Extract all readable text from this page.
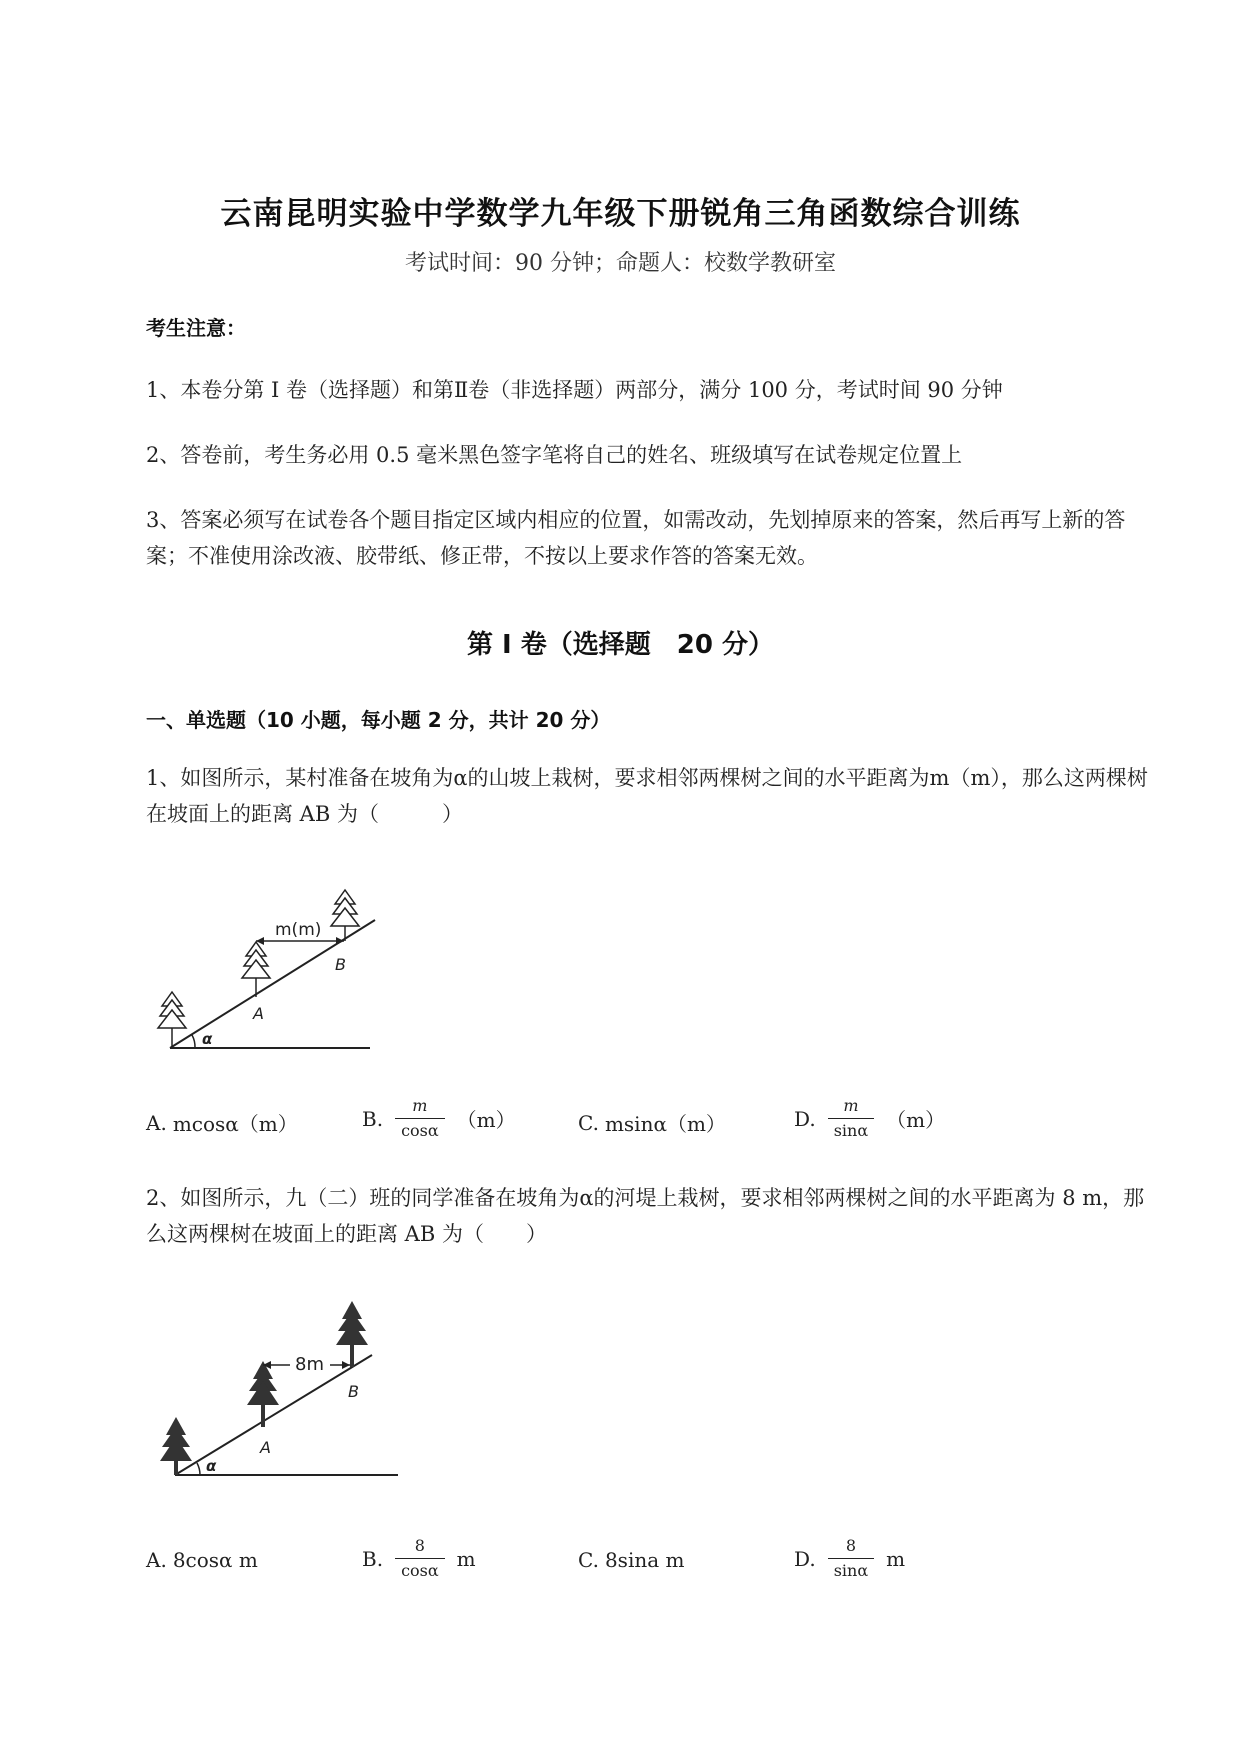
云南昆明实验中学数学九年级下册锐角三角函数综合训练
考试时间：90 分钟；命题人：校数学教研室
考生注意：
1、本卷分第 I 卷（选择题）和第Ⅱ卷（非选择题）两部分，满分 100 分，考试时间 90 分钟
2、答卷前，考生务必用 0.5 毫米黑色签字笔将自己的姓名、班级填写在试卷规定位置上
3、答案必须写在试卷各个题目指定区域内相应的位置，如需改动，先划掉原来的答案，然后再写上新的答案；不准使用涂改液、胶带纸、修正带，不按以上要求作答的答案无效。
第 I 卷（选择题　20 分）
一、单选题（10 小题，每小题 2 分，共计 20 分）
1、如图所示，某村准备在坡角为α的山坡上栽树，要求相邻两棵树之间的水平距离为m（m），那么这两棵树在坡面上的距离 AB 为（　　　）
m(m)
A
B
α
A. mcosα（m）	B. $\frac{m}{\cos\alpha} (m)$	C. msinα（m）	D. $\frac{m}{\sin\alpha} (m)$
2、如图所示，九（二）班的同学准备在坡角为α的河堤上栽树，要求相邻两棵树之间的水平距离为 8 m，那么这两棵树在坡面上的距离 AB 为（　　）
8m
A
B
α
A. 8cosα m	B. $\frac{8}{\cos\alpha}$ m	C. 8sina m	D. $\frac{8}{\sin\alpha}$ m
